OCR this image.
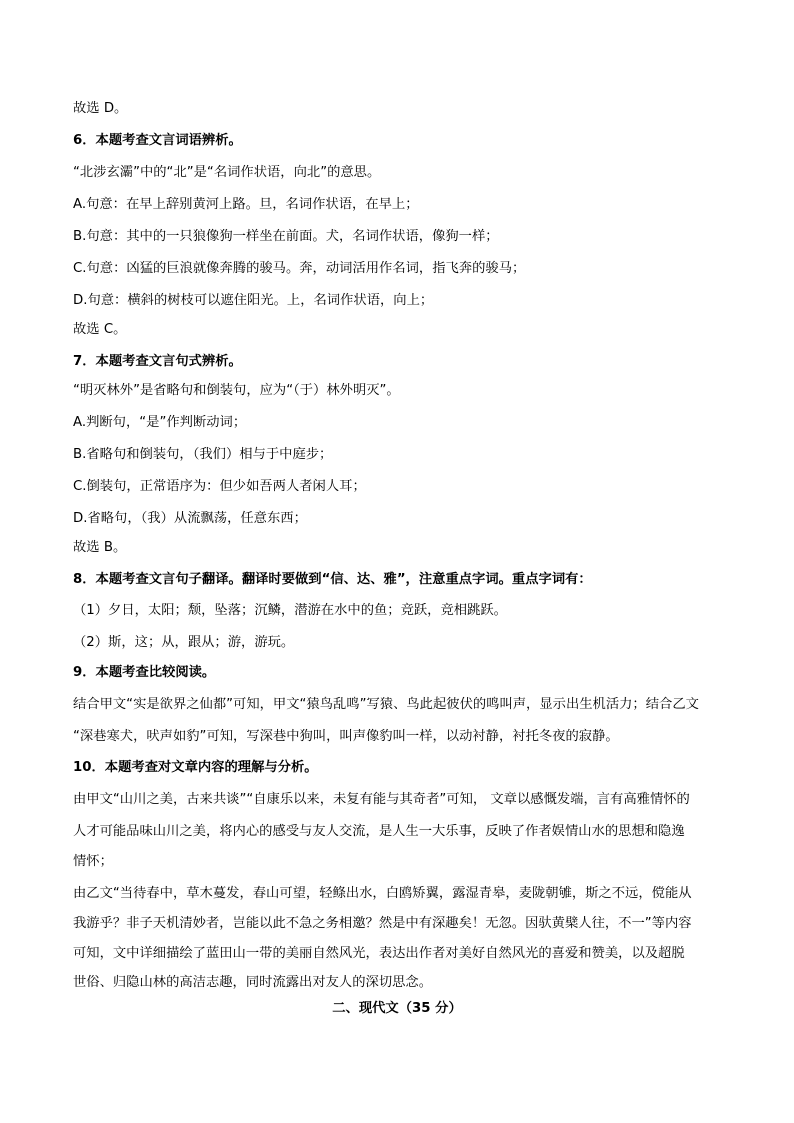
故选 D。
6．本题考查文言词语辨析。
“北涉玄灞”中的“北”是“名词作状语，向北”的意思。
A.句意：在早上辞别黄河上路。旦，名词作状语，在早上；
B.句意：其中的一只狼像狗一样坐在前面。犬，名词作状语，像狗一样；
C.句意：凶猛的巨浪就像奔腾的骏马。奔，动词活用作名词，指飞奔的骏马；
D.句意：横斜的树枝可以遮住阳光。上，名词作状语，向上；
故选 C。
7．本题考查文言句式辨析。
“明灭林外”是省略句和倒装句，应为“（于）林外明灭”。
A.判断句，“是”作判断动词；
B.省略句和倒装句，（我们）相与于中庭步；
C.倒装句，正常语序为：但少如吾两人者闲人耳；
D.省略句，（我）从流飘荡，任意东西；
故选 B。
8．本题考查文言句子翻译。翻译时要做到“信、达、雅”，注意重点字词。重点字词有：
（1）夕日，太阳；颓，坠落；沉鳞，潜游在水中的鱼；竞跃，竞相跳跃。
（2）斯，这；从，跟从；游，游玩。
9．本题考查比较阅读。
结合甲文“实是欲界之仙都”可知，甲文“猿鸟乱鸣”写猿、鸟此起彼伏的鸣叫声，显示出生机活力；结合乙文
“深巷寒犬，吠声如豹”可知，写深巷中狗叫，叫声像豹叫一样，以动衬静，衬托冬夜的寂静。
10．本题考查对文章内容的理解与分析。
由甲文“山川之美，古来共谈”“自康乐以来，未复有能与其奇者”可知， 文章以感慨发端，言有高雅情怀的
人才可能品味山川之美，将内心的感受与友人交流，是人生一大乐事，反映了作者娱情山水的思想和隐逸
情怀；
由乙文“当待春中，草木蔓发，春山可望，轻鲦出水，白鸥矫翼，露湿青皋，麦陇朝雊，斯之不远，傥能从
我游乎？非子天机清妙者，岂能以此不急之务相邀？然是中有深趣矣！无忽。因驮黄檗人往，不一”等内容
可知，文中详细描绘了蓝田山一带的美丽自然风光，表达出作者对美好自然风光的喜爱和赞美，以及超脱
世俗、归隐山林的高洁志趣，同时流露出对友人的深切思念。
二、现代文（35 分）
